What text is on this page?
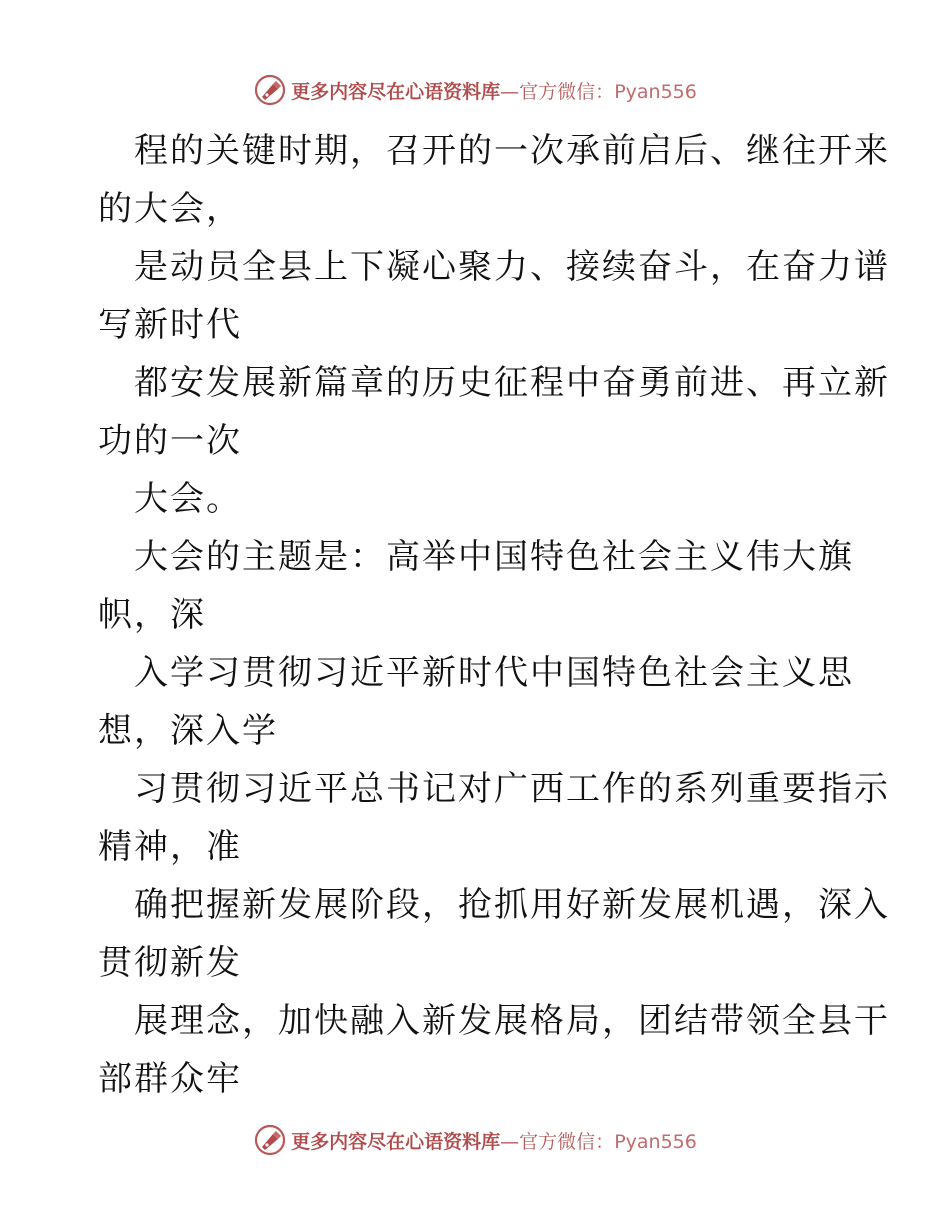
更多内容尽在心语资料库—官方微信：Pyan556
程的关键时期，召开的一次承前启后、继往开来
的大会，
是动员全县上下凝心聚力、接续奋斗，在奋力谱
写新时代
都安发展新篇章的历史征程中奋勇前进、再立新
功的一次
大会。
大会的主题是：高举中国特色社会主义伟大旗
帜，深
入学习贯彻习近平新时代中国特色社会主义思
想，深入学
习贯彻习近平总书记对广西工作的系列重要指示
精神，准
确把握新发展阶段，抢抓用好新发展机遇，深入
贯彻新发
展理念，加快融入新发展格局，团结带领全县干
部群众牢
更多内容尽在心语资料库—官方微信：Pyan556
